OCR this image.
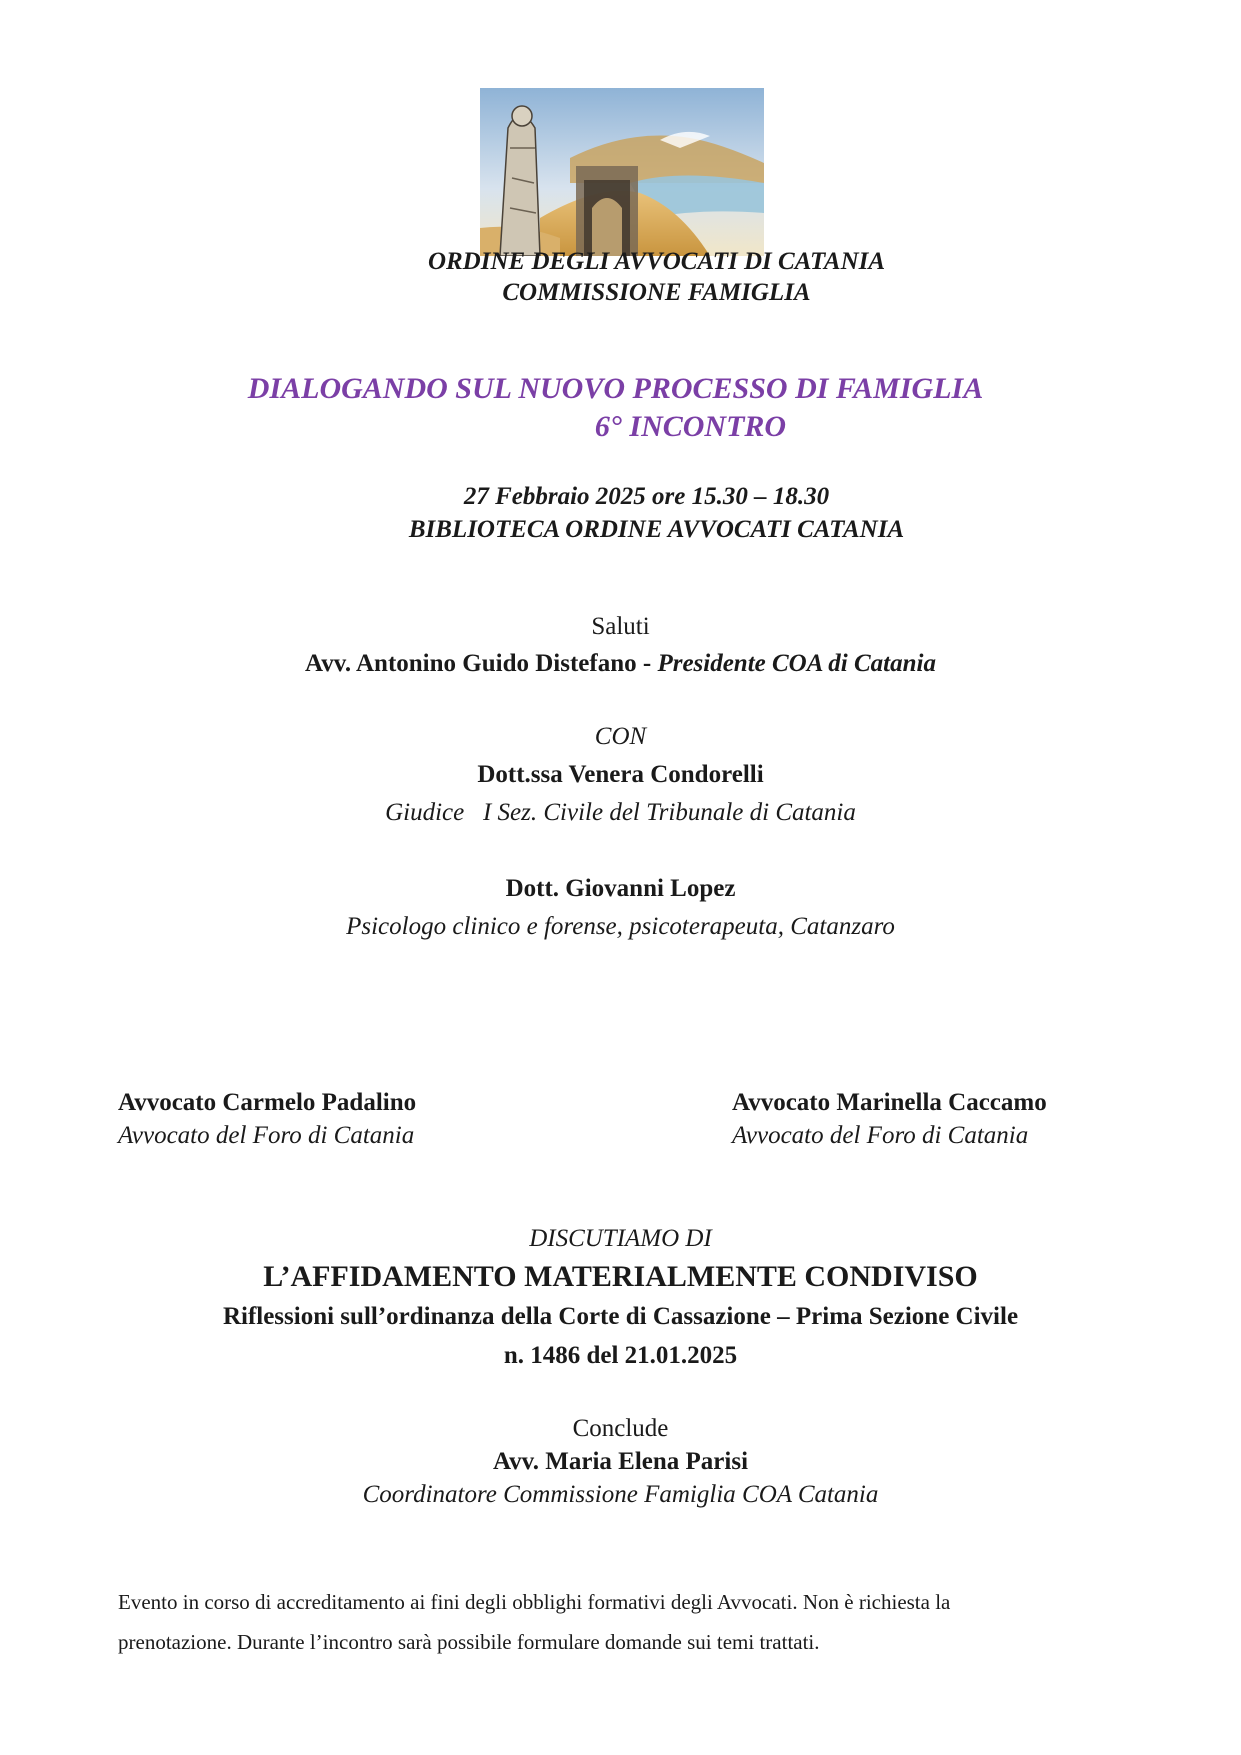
ORDINE DEGLI AVVOCATI DI CATANIA
COMMISSIONE FAMIGLIA
DIALOGANDO SUL NUOVO PROCESSO DI FAMIGLIA
6° INCONTRO
27 Febbraio 2025 ore 15.30 – 18.30
BIBLIOTECA ORDINE AVVOCATI CATANIA
Saluti
Avv. Antonino Guido Distefano - Presidente COA di Catania
CON
Dott.ssa Venera Condorelli
Giudice   I Sez. Civile del Tribunale di Catania
Dott. Giovanni Lopez
Psicologo clinico e forense, psicoterapeuta, Catanzaro
Avvocato Carmelo Padalino
Avvocato del Foro di Catania
Avvocato Marinella Caccamo
Avvocato del Foro di Catania
DISCUTIAMO DI
L’AFFIDAMENTO MATERIALMENTE CONDIVISO
Riflessioni sull’ordinanza della Corte di Cassazione – Prima Sezione Civile
n. 1486 del 21.01.2025
Conclude
Avv. Maria Elena Parisi
Coordinatore Commissione Famiglia COA Catania
Evento in corso di accreditamento ai fini degli obblighi formativi degli Avvocati. Non è richiesta la
prenotazione. Durante l’incontro sarà possibile formulare domande sui temi trattati.
